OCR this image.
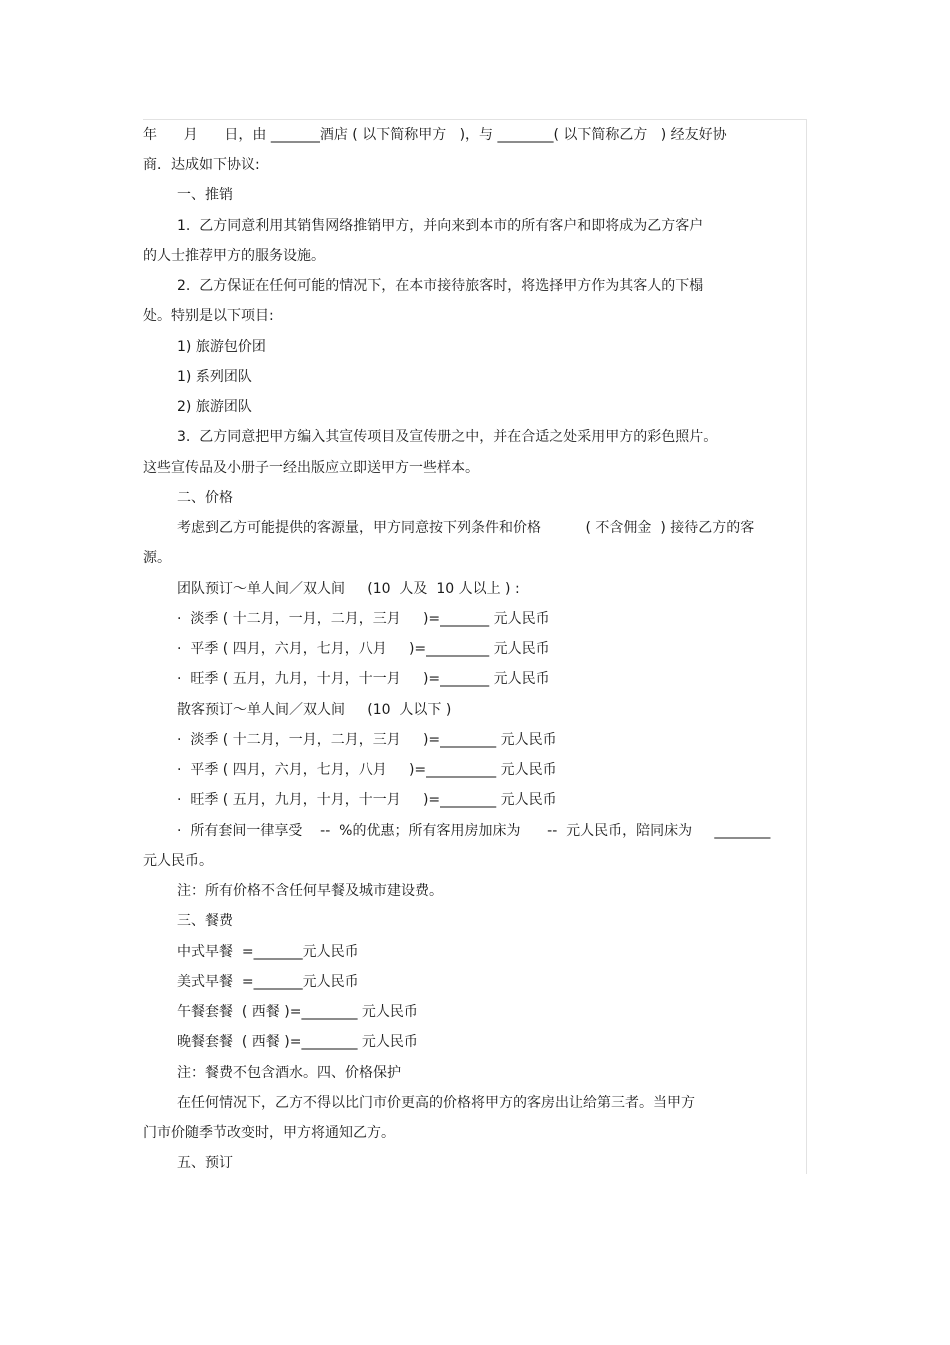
年      月      日，由 _______酒店 ( 以下简称甲方   )，与 ________( 以下简称乙方   ) 经友好协
商．达成如下协议:
一、推销
1.  乙方同意利用其销售网络推销甲方，并向来到本市的所有客户和即将成为乙方客户
的人士推荐甲方的服务设施。
2.  乙方保证在任何可能的情况下，在本市接待旅客时，将选择甲方作为其客人的下榻
处。特别是以下项目:
1) 旅游包价团
1) 系列团队
2) 旅游团队
3.  乙方同意把甲方编入其宣传项目及宣传册之中，并在合适之处采用甲方的彩色照片。
这些宣传品及小册子一经出版应立即送甲方一些样本。
二、价格
考虑到乙方可能提供的客源量，甲方同意按下列条件和价格          ( 不含佣金  ) 接待乙方的客
源。
团队预订～单人间／双人间     (10  人及  10 人以上 ) :
·  淡季 ( 十二月，一月，二月，三月     )=_______ 元人民币
·  平季 ( 四月，六月，七月，八月     )=_________ 元人民币
·  旺季 ( 五月，九月，十月，十一月     )=_______ 元人民币
散客预订～单人间／双人间     (10  人以下 )
·  淡季 ( 十二月，一月，二月，三月     )=________ 元人民币
·  平季 ( 四月，六月，七月，八月     )=__________ 元人民币
·  旺季 ( 五月，九月，十月，十一月     )=________ 元人民币
·  所有套间一律享受    --  %的优惠；所有客用房加床为      --  元人民币，陪同床为     ________
元人民币。
注：所有价格不含任何早餐及城市建设费。
三、餐费
中式早餐  =_______元人民币
美式早餐  =_______元人民币
午餐套餐  ( 西餐 )=________ 元人民币
晚餐套餐  ( 西餐 )=________ 元人民币
注：餐费不包含酒水。四、价格保护
在任何情况下，乙方不得以比门市价更高的价格将甲方的客房出让给第三者。当甲方
门市价随季节改变时，甲方将通知乙方。
五、预订
